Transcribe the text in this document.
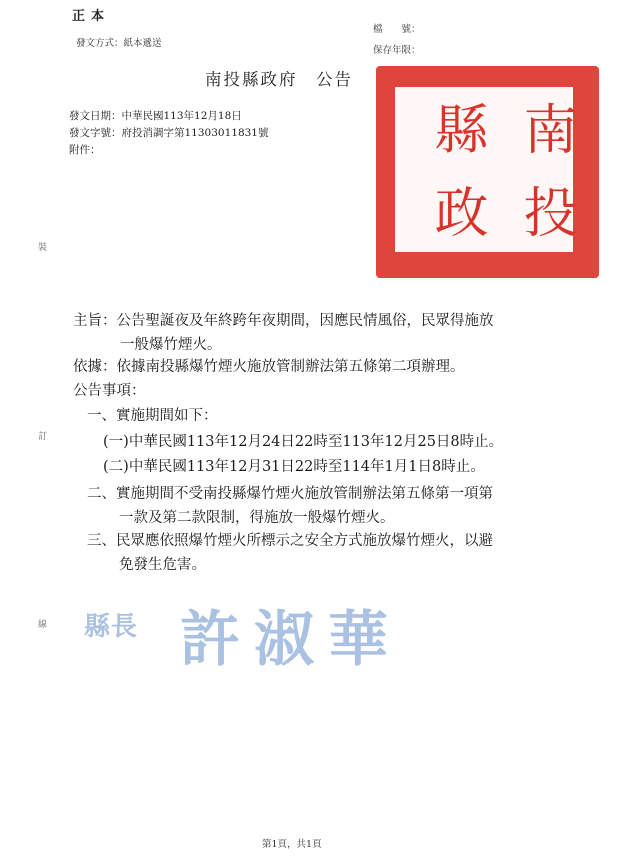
正本
發文方式：紙本遞送
檔　　號：
保存年限：
南投縣政府　公告
發文日期：中華民國113年12月18日
發文字號：府投消調字第11303011831號
附件：
裝
訂
線
南
投
縣
政
主旨：公告聖誕夜及年終跨年夜期間，因應民情風俗，民眾得施放
一般爆竹煙火。
依據：依據南投縣爆竹煙火施放管制辦法第五條第二項辦理。
公告事項：
一、實施期間如下：
(一)中華民國113年12月24日22時至113年12月25日8時止。
(二)中華民國113年12月31日22時至114年1月1日8時止。
二、實施期間不受南投縣爆竹煙火施放管制辦法第五條第一項第
一款及第二款限制，得施放一般爆竹煙火。
三、民眾應依照爆竹煙火所標示之安全方式施放爆竹煙火，以避
免發生危害。
縣長 許淑華
第1頁，共1頁
